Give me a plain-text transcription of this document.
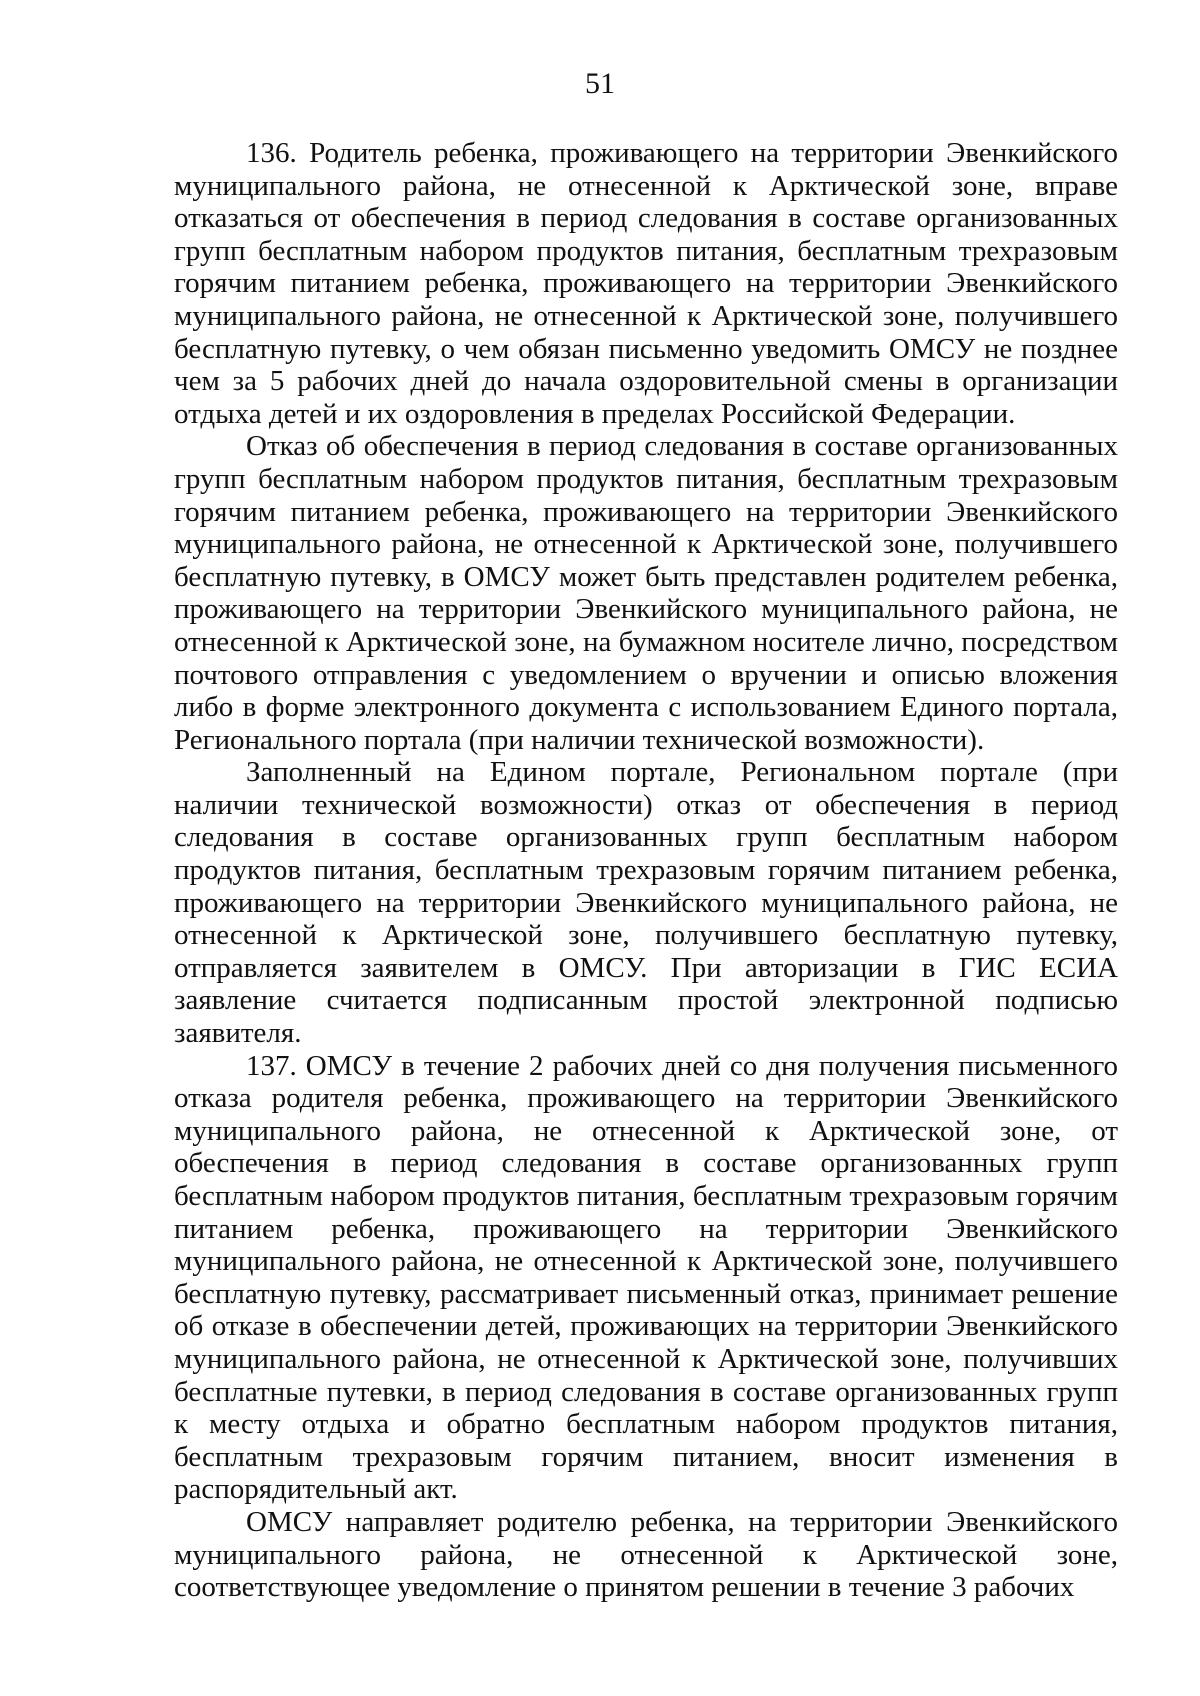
51

136. Родитель ребенка, проживающего на территории Эвенкийского муниципального района, не отнесенной к Арктической зоне, вправе отказаться от обеспечения в период следования в составе организованных групп бесплатным набором продуктов питания, бесплатным трехразовым горячим питанием ребенка, проживающего на территории Эвенкийского муниципального района, не отнесенной к Арктической зоне, получившего бесплатную путевку, о чем обязан письменно уведомить ОМСУ не позднее чем за 5 рабочих дней до начала оздоровительной смены в организации отдыха детей и их оздоровления в пределах Российской Федерации.

Отказ об обеспечения в период следования в составе организованных групп бесплатным набором продуктов питания, бесплатным трехразовым горячим питанием ребенка, проживающего на территории Эвенкийского муниципального района, не отнесенной к Арктической зоне, получившего бесплатную путевку, в ОМСУ может быть представлен родителем ребенка, проживающего на территории Эвенкийского муниципального района, не отнесенной к Арктической зоне, на бумажном носителе лично, посредством почтового отправления с уведомлением о вручении и описью вложения либо в форме электронного документа с использованием Единого портала, Регионального портала (при наличии технической возможности).

Заполненный на Едином портале, Региональном портале (при наличии технической возможности) отказ от обеспечения в период следования в составе организованных групп бесплатным набором продуктов питания, бесплатным трехразовым горячим питанием ребенка, проживающего на территории Эвенкийского муниципального района, не отнесенной к Арктической зоне, получившего бесплатную путевку, отправляется заявителем в ОМСУ. При авторизации в ГИС ЕСИА заявление считается подписанным простой электронной подписью заявителя.

137. ОМСУ в течение 2 рабочих дней со дня получения письменного отказа родителя ребенка, проживающего на территории Эвенкийского муниципального района, не отнесенной к Арктической зоне, от обеспечения в период следования в составе организованных групп бесплатным набором продуктов питания, бесплатным трехразовым горячим питанием ребенка, проживающего на территории Эвенкийского муниципального района, не отнесенной к Арктической зоне, получившего бесплатную путевку, рассматривает письменный отказ, принимает решение об отказе в обеспечении детей, проживающих на территории Эвенкийского муниципального района, не отнесенной к Арктической зоне, получивших бесплатные путевки, в период следования в составе организованных групп к месту отдыха и обратно бесплатным набором продуктов питания, бесплатным трехразовым горячим питанием, вносит изменения в распорядительный акт.

ОМСУ направляет родителю ребенка, на территории Эвенкийского муниципального района, не отнесенной к Арктической зоне, соответствующее уведомление о принятом решении в течение 3 рабочих
